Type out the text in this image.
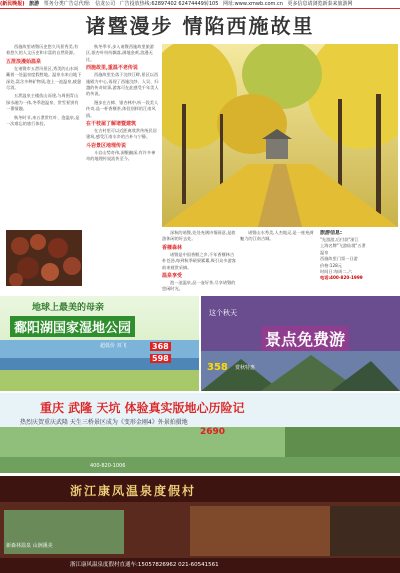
(新民晚报) 旅游 票务分类广告总代理: 信龙公司 广告投放热线:62897402 62474449转105 网址:www.xmwb.com.cn 更多信息请浏览新泰来旅游网
诸暨漫步 情陷西施故里

西施故里诸暨历史悠久风景秀美,有着悠久的人文历史和丰富的自然资源。

五泄浪漫始温泉

在诸暨市五泄风景区,秀美的山水间藏着一处温泉度假胜地。温泉水来自地下深处,富含多种矿物质,泡上一池温泉,疲惫尽消。

五泄温泉主楼依山而建,与周围青山绿水融为一体,冬季泡温泉、赏雪景别有一番情趣。

秋冬时节,来五泄赏红叶、泡温泉,是一次难忘的旅行体验。

秋冬季节,步入诸暨西施故里旅游区,银杏叶纷纷飘落,满地金黄,浪漫无比。

西施故里,重温不老传说

西施故里坐落于浣纱江畔,景区以西施殿为中心,再现了西施浣纱、入吴、归越的传奇故事,游客可在此感受千年美人的传说。

漫步在古樟、银杏林中,听一段美人传奇,品一杯香榧茶,体验别样的江南风情。

在干枝屋了解诸暨建筑

在古村里可以近距离欣赏传统民居建筑,感受江南水乡的古朴与宁静。

斗岩景区地理传说

斗岩山势奇伟,洞壑幽深,有许多神奇的地理传说流传至今。

深秋的诸暨,处处充满诗情画意,是旅游休闲的好去处。

香榧森林

诸暨是中国香榧之乡,千年香榧林古朴苍劲,每到秋季硕果累累,吸引众多游客前来观赏采摘。

温泉享受

泡一池温泉,品一壶好茶,尽享诸暨的悠闲时光。

诸暨山水秀美,人杰地灵,是一座充满魅力的江南古城。

旅游信息:
"先游游,后付款"浙江
上海名牌"飞游仙境"五泄
温泉
西施故里门票一日游
价格:128元
时间日:每周二,六
电话:400-820-1999
地球上最美的母亲
鄱阳湖国家湿地公园
368
598
超低价 双飞
这个秋天
景点免费游
358 赏秋特惠
重庆 武隆 天坑 体验真实版地心历险记
热烈庆贺重庆武隆 天生三桥景区成为《变形金刚4》外景拍摄地
2690
400-820-1006
浙江康凤温泉度假村
新森林温泉 山涧溪美
浙江康风温泉度假村直通车:15057826962 021-60541561
